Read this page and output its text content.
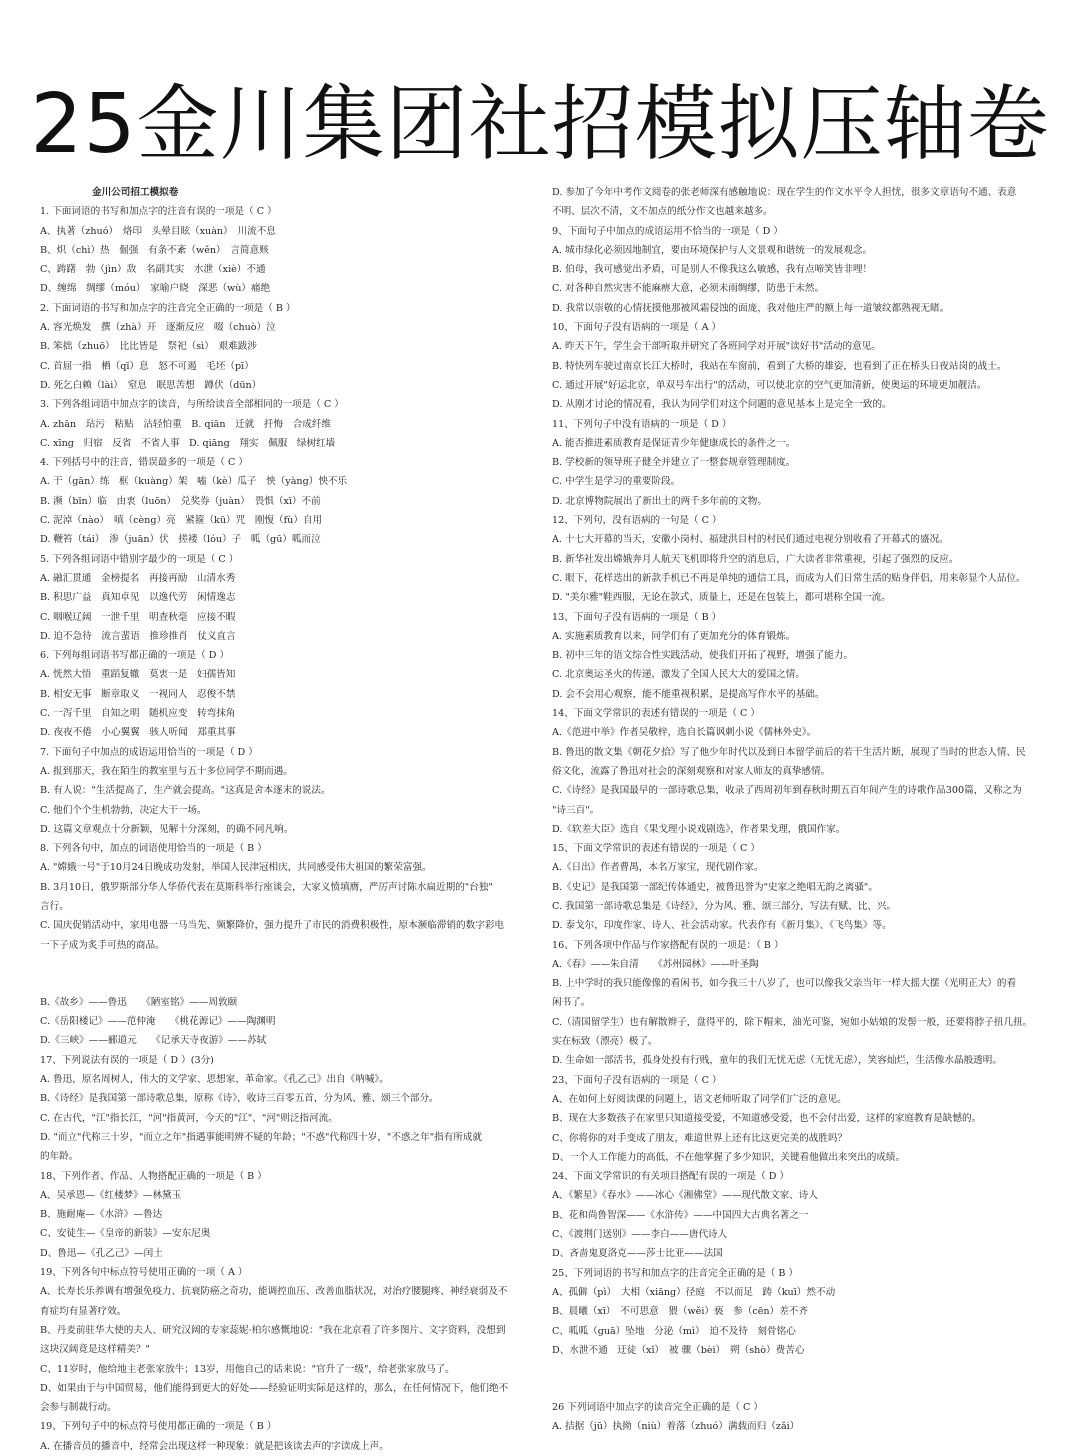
25金川集团社招模拟压轴卷
金川公司招工模拟卷
1. 下面词语的书写和加点字的注音有误的一项是（ C ）
A、执著（zhuó）　烙印　头晕目眩（xuàn）　川流不息
B、炽（chì）热　倔强　有条不紊（wěn）　言简意赅
C、踌躇　勃（jìn）敌　名副其实　水泄（xiè）不通
D、缠绵　绸缪（móu）　家喻户晓　深恶（wù）痛绝
2. 下面词语的书写和加点字的注音完全正确的一项是（ B ）
A. 容光焕发　撰（zhà）开　逐渐反应　啜（chuò）泣
B. 笨拙（zhuō）　比比皆是　祭祀（sì）　艰难跋涉
C. 首屈一指　栖（qī）息　怒不可遏　毛坯（pī）
D. 死乞白赖（lài）　窒息　眠思苦想　蹲伏（dūn）
3. 下列各组词语中加点字的读音，与所给读音全部相同的一项是（ C ）
A. zhān　玷污　粘贴　沾轻怕重　B. qiān　迁就　扦悔　合成纤维
C. xīng　归宿　反省　不省人事　D. qiāng　翔实　佩服　绿树红墙
4. 下列括号中的注音，错误最多的一项是（ C ）
A. 干（gān）练　框（kuàng）架　嗑（kè）瓜子　怏（yàng）怏不乐
B. 濒（bīn）临　由衷（luōn）　兑奖券（juàn）　畏惧（xī）不前
C. 泥淖（nào）　嗔（cèng）亮　紧箍（kū）咒　刚愎（fù）自用
D. 鞭笞（tái）　渗（juān）伏　搓褛（lóu）子　呱（gū）呱而泣
5. 下列各组词语中错别字最少的一项是（ C ）
A. 融汇贯通　金榜提名　再接再励　山清水秀
B. 积思广益　真知卓见　以逸代劳　闲情逸志
C. 咽喉辽阔　一泄千里　明查秋毫　应接不暇
D. 迫不急待　流言蜚语　推珍推肖　仗义直言
6. 下列每组词语书写都正确的一项是（ D ）
A. 恍然大悟　重蹈复辙　莫衷一是　妇孺皆知
B. 相安无事　断章取义　一视同人　忍俊不禁
C. 一泻千里　自知之明　随机应变　转弯抹角
D. 夜夜不倦　小心翼翼　骇人听闻　郑重其事
7. 下面句子中加点的成语运用恰当的一项是（ D ）
A. 报到那天，我在陌生的教室里与五十多位同学不期而遇。
B. 有人说："生活提高了，生产就会提高。"这真是舍本逐末的说法。
C. 他们个个生机勃勃，决定大干一场。
D. 这篇文章观点十分新颖，见解十分深刻，的确不同凡响。
8. 下列各句中，加点的词语使用恰当的一项是（ B ）
A. "嫦娥一号"于10月24日晚成功发射，举国人民津冠相庆，共同感受伟大祖国的繁荣富强。
B. 3月10日，俄罗斯部分华人华侨代表在莫斯科举行座谈会，大家义愤填膺，严厉声讨陈水扁近期的"台独"
言行。
C. 国庆促销活动中，家用电器一马当先、频繁降价，强力提升了市民的消费积极性，原本濒临滞销的数字彩电
一下子成为炙手可热的商品。
B.《故乡》——鲁迅　　《陋室铭》——周敦颐
C.《岳阳楼记》——范仲淹　　《桃花源记》——陶渊明
D.《三峡》——郦道元　　《记承天寺夜游》——苏轼
17、下列说法有误的一项是（ D ）(3分)
A. 鲁迅，原名周树人，伟大的文学家、思想家、革命家。《孔乙己》出自《呐喊》。
B.《诗经》是我国第一部诗歌总集，原称《诗》，收诗三百零五首，分为风、雅、颂三个部分。
C. 在古代，"江"指长江，"河"指黄河，今天的"江"、"河"则泛指河流。
D. "而立"代称三十岁，"而立之年"指遇事能明辨不疑的年龄；"不惑"代称四十岁，"不惑之年"指有所成就
的年龄。
18、下列作者、作品、人物搭配正确的一项是（ B ）
A、吴承恩—《红楼梦》—林黛玉
B、施耐庵—《水浒》—鲁达
C、安徒生—《皇帝的新装》—安东尼奥
D、鲁迅—《孔乙己》—闰土
19、下列各句中标点符号使用正确的一项（ A ）
A、长寿长乐养调有增强免疫力、抗衰防癌之奇功，能调控血压、改善血脂状况，对治疗腰腿疼、神经衰弱及不
育症均有显著疗效。
B、丹麦前驻华大使的夫人、研究汉阔的专家蕊妮·柏尔感慨地说："我在北京看了许多图片、文字资料，没想到
这块汉阔竟是这样精美？"
C、11岁时，他给地主老张家放牛；13岁，用他自己的话来说："官升了一级"，给老张家放马了。
D、如果由于与中国贸易，他们能得到更大的好处——经验证明实际是这样的，那么，在任何情况下，他们绝不
会参与制裁行动。
19、下列句子中的标点符号使用都正确的一项是（ B ）
A. 在播音员的播音中，经常会出现这样一种现象：就是把该读去声的字读成上声。
D. 参加了今年中考作文阅卷的张老师深有感触地说：现在学生的作文水平令人担忧，很多文章语句不通、表意
不明、层次不清，文不加点的纸分作文也越来越多。
9、下面句子中加点的成语运用不恰当的一项是（ D ）
A. 城市绿化必须因地制宜，要由环境保护与人文景观和谐统一的发展观念。
B. 伯母，我可感觉出矛盾，可是别人不像我这么敏感，我有点啼笑皆非哩！
C. 对各种自然灾害不能麻痹大意，必须未雨绸缪，防患于未然。
D. 我常以崇敬的心情抚摸他那被风霜侵蚀的面庞，我对他庄严的额上每一道皱纹都熟视无睹。
10、下面句子没有语病的一项是（ A ）
A. 昨天下午，学生会干部听取并研究了各班同学对开展"读好书"活动的意见。
B. 特快列车驶过南京长江大桥时，我站在车窗前，看到了大桥的雄姿，也看到了正在桥头日夜站岗的战士。
C. 通过开展"好运北京，单双号车出行"的活动，可以使北京的空气更加清新，使奥运的环境更加靓洁。
D. 从刚才讨论的情况看，我认为同学们对这个问题的意见基本上是完全一致的。
11、下列句子中没有语病的一项是（ D ）
A. 能否推进素质教育是保证青少年健康成长的条件之一。
B. 学校新的领导班子健全并建立了一整套规章管理制度。
C. 中学生是学习的重要阶段。
D. 北京博物院展出了新出土的两千多年前的文物。
12、下列句，没有语病的一句是（ C ）
A. 十七大开幕的当天，安徽小岗村、福建洪目村的村民们通过电视分别收看了开幕式的盛况。
B. 新华社发出嫦娥奔月人航天飞机即将升空的消息后，广大读者非常重视，引起了强烈的反应。
C. 眼下，花样迭出的新款手机已不再是单纯的通信工具，而成为人们日常生活的贴身伴侣，用来彰显个人品位。
D. "美尔雅"鞋西服，无论在款式、质量上，还是在包装上，都可堪称全国一流。
13、下面句子没有语病的一项是（ B ）
A. 实施素质教育以来，同学们有了更加充分的体育锻炼。
B. 初中三年的语文综合性实践活动，使我们开拓了视野，增强了能力。
C. 北京奥运圣火的传递，激发了全国人民大大的爱国之情。
D. 会不会用心观察，能不能重视积累，是提高写作水平的基础。
14、下面文学常识的表述有错误的一项是（ C ）
A.《范进中举》作者吴敬梓，选自长篇讽刺小说《儒林外史》。
B. 鲁迅的散文集《朝花夕拾》写了他少年时代以及到日本留学前后的若干生活片断，展现了当时的世态人情、民
俗文化，流露了鲁迅对社会的深刻观察和对家人师友的真挚感情。
C.《诗经》是我国最早的一部诗歌总集，收录了西周初年到春秋时期五百年间产生的诗歌作品300篇，又称之为
"诗三百"。
D.《软差大臣》选自《果戈理小说戏剧选》，作者果戈理，俄国作家。
15、下面文学常识的表述有错误的一项是（ C ）
A.《日出》作者曹禺，本名万家宝，现代剧作家。
B.《史记》是我国第一部纪传体通史，被鲁迅誉为"史家之绝唱无韵之离骚"。
C. 我国第一部诗歌总集是《诗经》，分为风、雅、颂三部分，写法有赋、比、兴。
D. 泰戈尔，印度作家、诗人、社会活动家。代表作有《新月集》、《飞鸟集》等。
16、下列各项中作品与作家搭配有误的一项是：（ B ）
A.《春》——朱自清　　《苏州园林》——叶圣陶
B. 上中学时的我只能像像的看闲书，如今我三十八岁了，也可以像我父亲当年一样大摇大摆（光明正大）的看
闲书了。
C.（清国留学生）也有解散辫子，盘得平的，除下帽来，油光可鉴，宛如小姑娘的发髻一般，还要将脖子扭几扭。
实在标致（漂亮）极了。
D. 生命如一部活书，孤身处投有行贱，童年的我们无忧无虑（无忧无虑），笑容灿烂，生活像水晶般透明。
23、下面句子没有语病的一项是（ C ）
A、在如何上好阅读课的问题上，语文老师听取了同学们广泛的意见。
B、现在大多数孩子在家里只知道接受爱，不知道感受爱，也不会付出爱，这样的家庭教育是缺憾的。
C、你将你的对手变成了朋友，难道世界上还有比这更完美的战胜吗？
D、一个人工作能力的高低，不在他掌握了多少知识，关键看他做出来突出的成绩。
24、下面文学常识的有关项目搭配有误的一项是（ D ）
A、《繁星》《春水》——冰心《湘佛堂》——现代散文家、诗人
B、花和尚鲁智深——《水浒传》——中国四大古典名著之一
C、《渡荆门送别》——李白——唐代诗人
D、吝啬鬼夏洛克——莎士比亚——法国
25、下列词语的书写和加点字的注音完全正确的是（ B ）
A、孤僻（pì）　大相（xiāng）径庭　不以而足　踌（kuī）然不动
B、晨曦（xī）　不可思意　猥（wěi）亵　参（cēn）差不齐
C、呱呱（guā）坠地　分泌（mì）　迫不及待　刻骨铭心
D、水泄不通　迂徒（xǐ）　被 骤（bèi）　朔（shò）费苦心
26 下列词语中加点字的读音完全正确的是（ C ）
A. 拮据（jū）执拗（niù）着落（zhuó）满载而归（zǎi）
